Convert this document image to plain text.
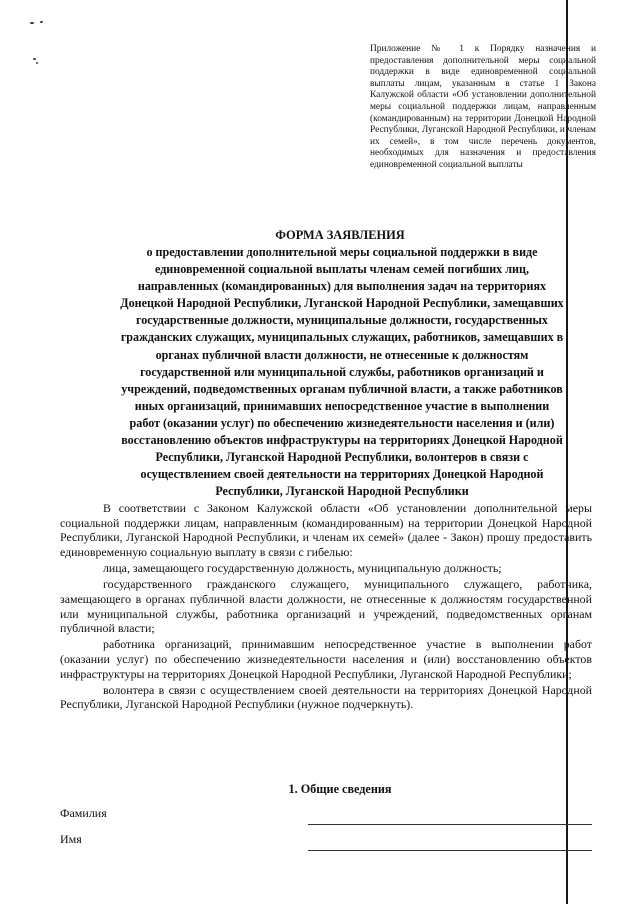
Приложение № 1 к Порядку назначения и предоставления дополнительной меры социальной поддержки в виде единовременной социальной выплаты лицам, указанным в статье 1 Закона Калужской области «Об установлении дополнительной меры социальной поддержки лицам, направленным (командированным) на территории Донецкой Народной Республики, Луганской Народной Республики, и членам их семей», в том числе перечень документов, необходимых для назначения и предоставления единовременной социальной выплаты

ФОРМА ЗАЯВЛЕНИЯ

о предоставлении дополнительной меры социальной поддержки в виде

единовременной социальной выплаты членам семей погибших лиц,

направленных (командированных) для выполнения задач на территориях

Донецкой Народной Республики, Луганской Народной Республики, замещавших

государственные должности, муниципальные должности, государственных

гражданских служащих, муниципальных служащих, работников, замещавших в

органах публичной власти должности, не отнесенные к должностям

государственной или муниципальной службы, работников организаций и

учреждений, подведомственных органам публичной власти, а также работников

иных организаций, принимавших непосредственное участие в выполнении

работ (оказании услуг) по обеспечению жизнедеятельности населения и (или)

восстановлению объектов инфраструктуры на территориях Донецкой Народной

Республики, Луганской Народной Республики, волонтеров в связи с

осуществлением своей деятельности на территориях Донецкой Народной

Республики, Луганской Народной Республики

В соответствии с Законом Калужской области «Об установлении дополнительной меры социальной поддержки лицам, направленным (командированным) на территории Донецкой Народной Республики, Луганской Народной Республики, и членам их семей» (далее - Закон) прошу предоставить единовременную социальную выплату в связи с гибелью:

лица, замещающего государственную должность, муниципальную должность;

государственного гражданского служащего, муниципального служащего, работника, замещающего в органах публичной власти должности, не отнесенные к должностям государственной или муниципальной службы, работника организаций и учреждений, подведомственных органам публичной власти;

работника организаций, принимавшим непосредственное участие в выполнении работ (оказании услуг) по обеспечению жизнедеятельности населения и (или) восстановлению объектов инфраструктуры на территориях Донецкой Народной Республики, Луганской Народной Республики;

волонтера в связи с осуществлением своей деятельности на территориях Донецкой Народной Республики, Луганской Народной Республики (нужное подчеркнуть).

1. Общие сведения
Фамилия
Имя
